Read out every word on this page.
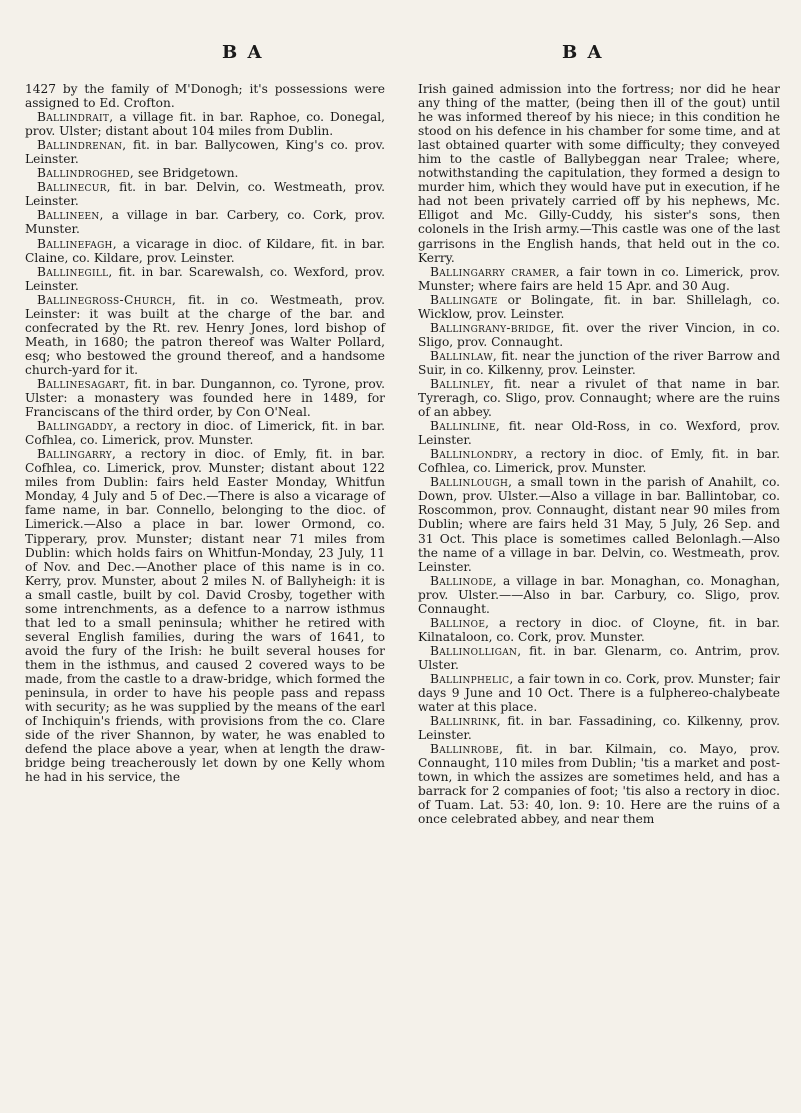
B A	B A

1427 by the family of M'Donogh; it's possessions were assigned to Ed. Crofton.

Ballindrait, a village fit. in bar. Raphoe, co. Donegal, prov. Ulster; distant about 104 miles from Dublin.

Ballindrenan, fit. in bar. Ballycowen, King's co. prov. Leinster.

Ballindroghed, see Bridgetown.

Ballinecur, fit. in bar. Delvin, co. Westmeath, prov. Leinster.

Ballineen, a village in bar. Carbery, co. Cork, prov. Munster.

Ballinefagh, a vicarage in dioc. of Kildare, fit. in bar. Claine, co. Kildare, prov. Leinster.

Ballinegill, fit. in bar. Scarewalsh, co. Wexford, prov. Leinster.

Ballinegross-Church, fit. in co. Westmeath, prov. Leinster: it was built at the charge of the bar. and confecrated by the Rt. rev. Henry Jones, lord bishop of Meath, in 1680; the patron thereof was Walter Pollard, esq; who bestowed the ground thereof, and a handsome church-yard for it.

Ballinesagart, fit. in bar. Dungannon, co. Tyrone, prov. Ulster: a monastery was founded here in 1489, for Franciscans of the third order, by Con O'Neal.

Ballingaddy, a rectory in dioc. of Limerick, fit. in bar. Cofhlea, co. Limerick, prov. Munster.

Ballingarry, a rectory in dioc. of Emly, fit. in bar. Cofhlea, co. Limerick, prov. Munster; distant about 122 miles from Dublin: fairs held Easter Monday, Whitfun Monday, 4 July and 5 of Dec.—There is also a vicarage of fame name, in bar. Connello, belonging to the dioc. of Limerick.—Also a place in bar. lower Ormond, co. Tipperary, prov. Munster; distant near 71 miles from Dublin: which holds fairs on Whitfun-Monday, 23 July, 11 of Nov. and Dec.—Another place of this name is in co. Kerry, prov. Munster, about 2 miles N. of Ballyheigh: it is a small castle, built by col. David Crosby, together with some intrenchments, as a defence to a narrow isthmus that led to a small peninsula; whither he retired with several English families, during the wars of 1641, to avoid the fury of the Irish: he built several houses for them in the isthmus, and caused 2 covered ways to be made, from the castle to a draw-bridge, which formed the peninsula, in order to have his people pass and repass with security; as he was supplied by the means of the earl of Inchiquin's friends, with provisions from the co. Clare side of the river Shannon, by water, he was enabled to defend the place above a year, when at length the draw-bridge being treacherously let down by one Kelly whom he had in his service, the

Irish gained admission into the fortress; nor did he hear any thing of the matter, (being then ill of the gout) until he was informed thereof by his niece; in this condition he stood on his defence in his chamber for some time, and at last obtained quarter with some difficulty; they conveyed him to the castle of Ballybeggan near Tralee; where, notwithstanding the capitulation, they formed a design to murder him, which they would have put in execution, if he had not been privately carried off by his nephews, Mc. Elligot and Mc. Gilly-Cuddy, his sister's sons, then colonels in the Irish army.—This castle was one of the last garrisons in the English hands, that held out in the co. Kerry.

Ballingarry cramer, a fair town in co. Limerick, prov. Munster; where fairs are held 15 Apr. and 30 Aug.

Ballingate or Bolingate, fit. in bar. Shillelagh, co. Wicklow, prov. Leinster.

Ballingrany-bridge, fit. over the river Vincion, in co. Sligo, prov. Connaught.

Ballinlaw, fit. near the junction of the river Barrow and Suir, in co. Kilkenny, prov. Leinster.

Ballinley, fit. near a rivulet of that name in bar. Tyreragh, co. Sligo, prov. Connaught; where are the ruins of an abbey.

Ballinline, fit. near Old-Ross, in co. Wexford, prov. Leinster.

Ballinlondry, a rectory in dioc. of Emly, fit. in bar. Cofhlea, co. Limerick, prov. Munster.

Ballinlough, a small town in the parish of Anahilt, co. Down, prov. Ulster.—Also a village in bar. Ballintobar, co. Roscommon, prov. Connaught, distant near 90 miles from Dublin; where are fairs held 31 May, 5 July, 26 Sep. and 31 Oct. This place is sometimes called Belonlagh.—Also the name of a village in bar. Delvin, co. Westmeath, prov. Leinster.

Ballinode, a village in bar. Monaghan, co. Monaghan, prov. Ulster.——Also in bar. Carbury, co. Sligo, prov. Connaught.

Ballinoe, a rectory in dioc. of Cloyne, fit. in bar. Kilnataloon, co. Cork, prov. Munster.

Ballinolligan, fit. in bar. Glenarm, co. Antrim, prov. Ulster.

Ballinphelic, a fair town in co. Cork, prov. Munster; fair days 9 June and 10 Oct. There is a fulphereo-chalybeate water at this place.

Ballinrink, fit. in bar. Fassadining, co. Kilkenny, prov. Leinster.

Ballinrobe, fit. in bar. Kilmain, co. Mayo, prov. Connaught, 110 miles from Dublin; 'tis a market and post-town, in which the assizes are sometimes held, and has a barrack for 2 companies of foot; 'tis also a rectory in dioc. of Tuam. Lat. 53: 40, lon. 9: 10. Here are the ruins of a once celebrated abbey, and near them
